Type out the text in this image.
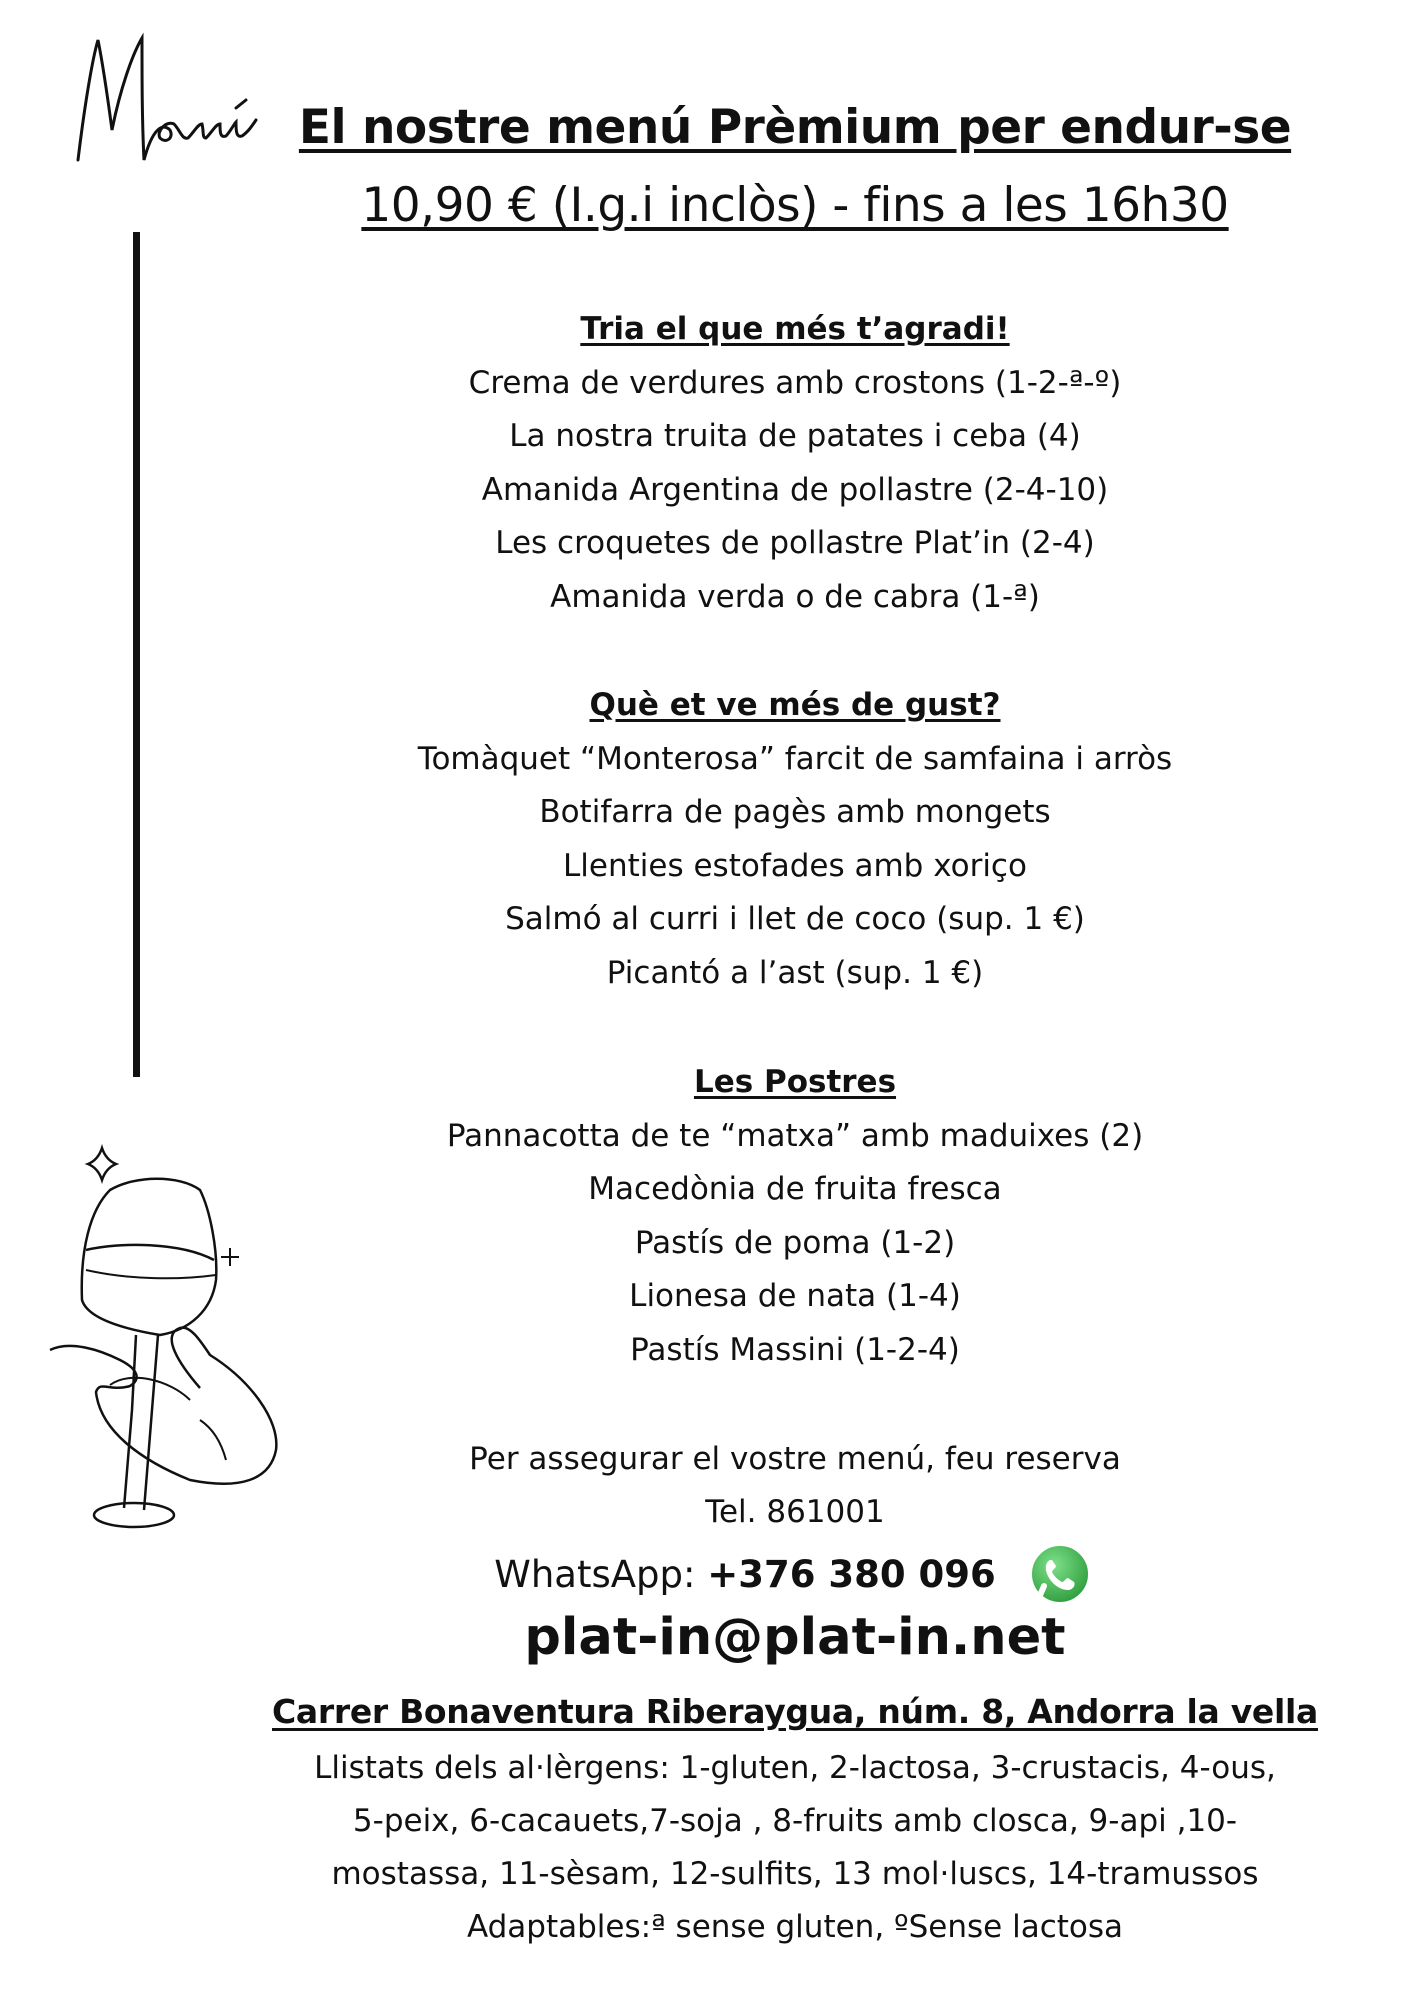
Menú
El nostre menú Prèmium per endur-se
10,90 € (I.g.i inclòs) - fins a les 16h30
Tria el que més t’agradi!

Crema de verdures amb crostons (1-2-ª-º)

La nostra truita de patates i ceba (4)

Amanida Argentina de pollastre (2-4-10)

Les croquetes de pollastre Plat’in (2-4)

Amanida verda o de cabra (1-ª)

Què et ve més de gust?

Tomàquet “Monterosa” farcit de samfaina i arròs

Botifarra de pagès amb mongets

Llenties estofades amb xoriço

Salmó al curri i llet de coco (sup. 1 €)

Picantó a l’ast (sup. 1 €)

Les Postres

Pannacotta de te “matxa” amb maduixes (2)

Macedònia de fruita fresca

Pastís de poma (1-2)

Lionesa de nata (1-4)

Pastís Massini (1-2-4)

Per assegurar el vostre menú, feu reserva
Tel. 861001
WhatsApp: +376 380 096
plat-in@plat-in.net
Carrer Bonaventura Riberaygua, núm. 8, Andorra la vella

Llistats dels al·lèrgens: 1-gluten, 2-lactosa, 3-crustacis, 4-ous,

5-peix, 6-cacauets,7-soja , 8-fruits amb closca, 9-api ,10-

mostassa, 11-sèsam, 12-sulfits, 13 mol·luscs, 14-tramussos

Adaptables:ª sense gluten, ºSense lactosa
